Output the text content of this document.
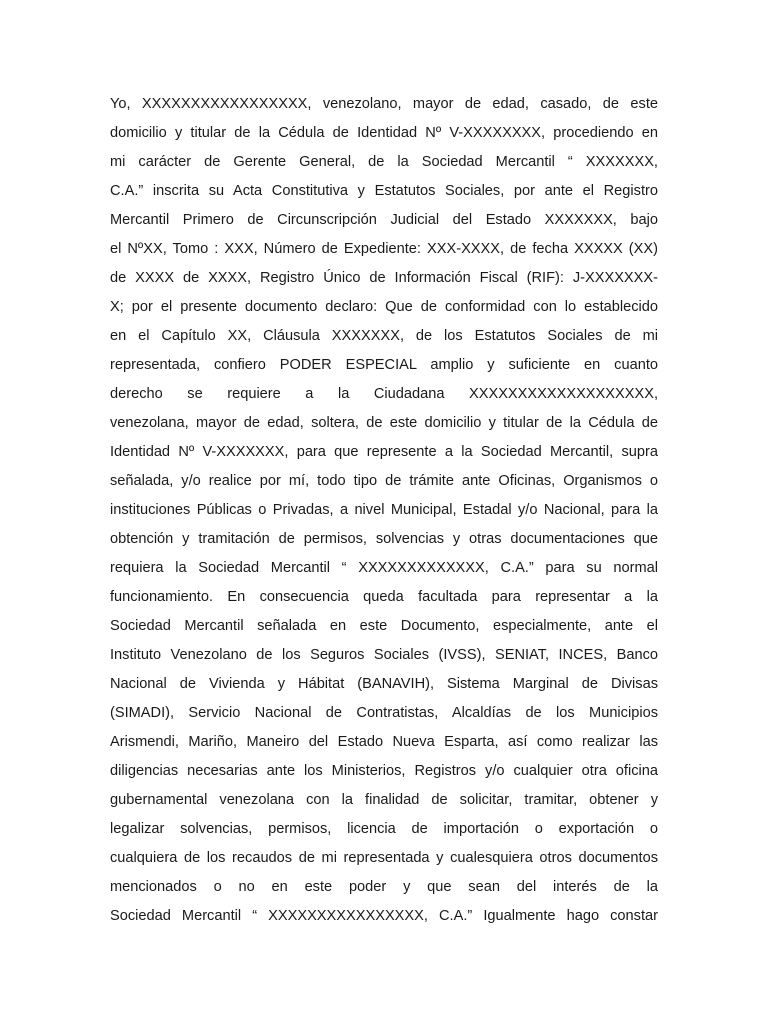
Yo, XXXXXXXXXXXXXXXXX, venezolano, mayor de edad, casado, de este
domicilio y titular de la Cédula de Identidad Nº V-XXXXXXXX, procediendo en
mi carácter de Gerente General, de la Sociedad Mercantil “ XXXXXXX,
C.A.” inscrita su Acta Constitutiva y Estatutos Sociales, por ante el Registro
Mercantil Primero de Circunscripción Judicial del Estado XXXXXXX, bajo
el NºXX, Tomo : XXX, Número de Expediente: XXX-XXXX, de fecha XXXXX (XX)
de XXXX de XXXX, Registro Único de Información Fiscal (RIF): J-XXXXXXX-
X; por el presente documento declaro: Que de conformidad con lo establecido
en el Capítulo XX, Cláusula XXXXXXX, de los Estatutos Sociales de mi
representada, confiero PODER ESPECIAL amplio y suficiente en cuanto
derecho se requiere a la Ciudadana XXXXXXXXXXXXXXXXXXX,
venezolana, mayor de edad, soltera, de este domicilio y titular de la Cédula de
Identidad Nº V-XXXXXXX, para que represente a la Sociedad Mercantil, supra
señalada, y/o realice por mí, todo tipo de trámite ante Oficinas, Organismos o
instituciones Públicas o Privadas, a nivel Municipal, Estadal y/o Nacional, para la
obtención y tramitación de permisos, solvencias y otras documentaciones que
requiera la Sociedad Mercantil “ XXXXXXXXXXXXX, C.A.” para su normal
funcionamiento. En consecuencia queda facultada para representar a la
Sociedad Mercantil señalada en este Documento, especialmente, ante el
Instituto Venezolano de los Seguros Sociales (IVSS), SENIAT, INCES, Banco
Nacional de Vivienda y Hábitat (BANAVIH), Sistema Marginal de Divisas
(SIMADI), Servicio Nacional de Contratistas, Alcaldías de los Municipios
Arismendi, Mariño, Maneiro del Estado Nueva Esparta, así como realizar las
diligencias necesarias ante los Ministerios, Registros y/o cualquier otra oficina
gubernamental venezolana con la finalidad de solicitar, tramitar, obtener y
legalizar solvencias, permisos, licencia de importación o exportación o
cualquiera de los recaudos de mi representada y cualesquiera otros documentos
mencionados o no en este poder y que sean del interés de la
Sociedad Mercantil “ XXXXXXXXXXXXXXXX, C.A.” Igualmente hago constar
